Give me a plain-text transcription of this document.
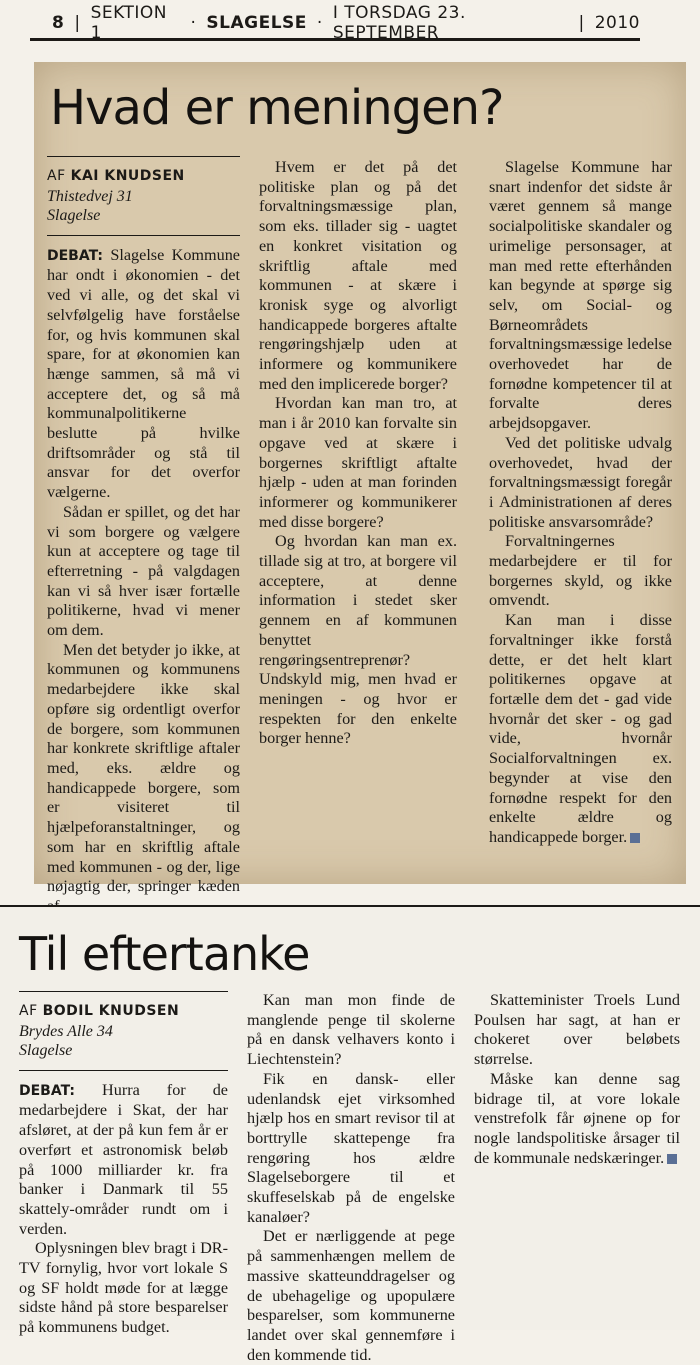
8 | SEKTION 1	· SLAGELSE · I TORSDAG 23. SEPTEMBER	| 2010
Hvad er meningen?
AF KAI KNUDSEN
Thistedvej 31
Slagelse

DEBAT: Slagelse Kommune har ondt i økonomien - det ved vi alle, og det skal vi selvfølgelig have forståelse for, og hvis kommunen skal spare, for at økonomien kan hænge sammen, så må vi acceptere det, og så må kommunalpolitikerne beslutte på hvilke driftsområder og stå til ansvar for det overfor vælgerne.

Sådan er spillet, og det har vi som borgere og vælgere kun at acceptere og tage til efterretning - på valgdagen kan vi så hver især fortælle politikerne, hvad vi mener om dem.

Men det betyder jo ikke, at kommunen og kommunens medarbejdere ikke skal opføre sig ordentligt overfor de borgere, som kommunen har konkrete skriftlige aftaler med, eks. ældre og handicappede borgere, som er visiteret til hjælpeforanstaltninger, og som har en skriftlig aftale med kommunen - og der, lige nøjagtig der, springer kæden

Hvem er det på det politiske plan og på det forvaltningsmæssige plan, som eks. tillader sig - uagtet en konkret visitation og skriftlig aftale med kommunen - at skære i kronisk syge og alvorligt handicappede borgeres aftalte rengøringshjælp uden at informere og kommunikere med den implicerede borger?

Hvordan kan man tro, at man i år 2010 kan forvalte sin opgave ved at skære i borgernes skriftligt aftalte hjælp - uden at man forinden informerer og kommunikerer med disse borgere?

Og hvordan kan man ex. tillade sig at tro, at borgere vil acceptere, at denne information i stedet sker gennem en af kommunen benyttet rengøringsentreprenør? Undskyld mig, men hvad er meningen - og hvor er respekten for den enkelte borger henne?

Slagelse Kommune har snart indenfor det sidste år været gennem så mange socialpolitiske skandaler og urimelige personsager, at man med rette efterhånden kan begynde at spørge sig selv, om Social- og Børneområdets forvaltningsmæssige ledelse overhovedet har de fornødne kompetencer til at forvalte deres arbejdsopgaver.

Ved det politiske udvalg overhovedet, hvad der forvaltningsmæssigt foregår i Administrationen af deres politiske ansvarsområde?

Forvaltningernes medarbejdere er til for borgernes skyld, og ikke omvendt.

Kan man i disse forvaltninger ikke forstå dette, er det helt klart politikernes opgave at fortælle dem det - gad vide hvornår det sker - og gad vide, hvornår Socialforvaltningen ex. begynder at vise den fornødne respekt for den enkelte ældre og handicappede borger.

Til eftertanke
AF BODIL KNUDSEN
Brydes Alle 34
Slagelse

DEBAT: Hurra for de medarbejdere i Skat, der har afsløret, at der på kun fem år er overført et astronomisk beløb på 1000 milliarder kr. fra banker i Danmark til 55 skattely-områder rundt om i verden.

Oplysningen blev bragt i DR-TV fornylig, hvor vort lokale S og SF holdt møde for at lægge sidste hånd på store besparelser på kommunens budget.

Kan man mon finde de manglende penge til skolerne på en dansk velhavers konto i Liechtenstein?

Fik en dansk- eller udenlandsk ejet virksomhed hjælp hos en smart revisor til at borttrylle skattepenge fra rengøring hos ældre Slagelseborgere til et skuffeselskab på de engelske kanaløer?

Det er nærliggende at pege på sammenhængen mellem de massive skatteunddragelser og de ubehagelige og upopulære besparelser, som kommunerne landet over skal gennemføre i den kommende tid.

Skatteminister Troels Lund Poulsen har sagt, at han er chokeret over beløbets størrelse.

Måske kan denne sag bidrage til, at vore lokale venstrefolk får øjnene op for nogle landspolitiske årsager til de kommunale nedskæringer.
